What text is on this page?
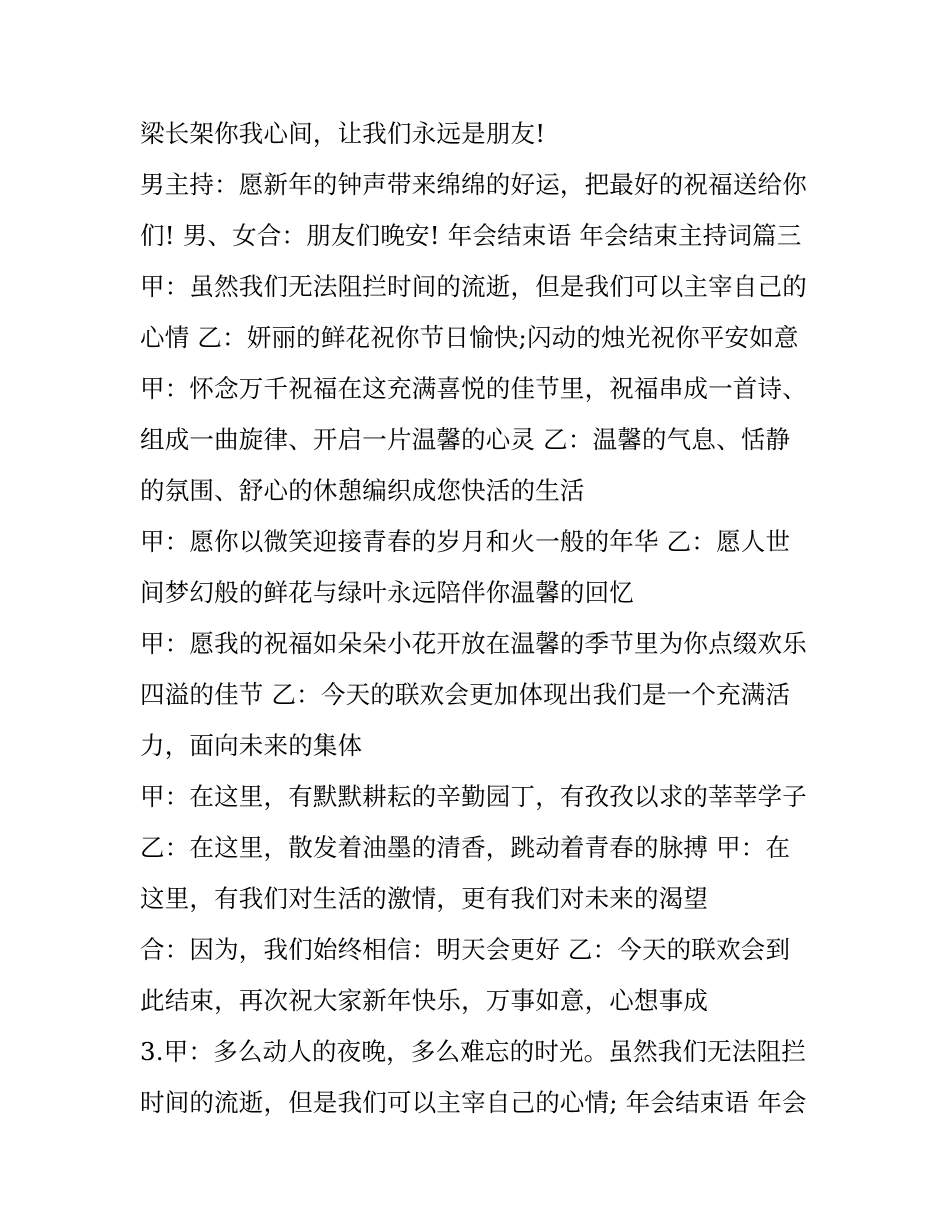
梁长架你我心间，让我们永远是朋友!
男主持：愿新年的钟声带来绵绵的好运，把最好的祝福送给你
们! 男、女合：朋友们晚安! 年会结束语 年会结束主持词篇三
甲：虽然我们无法阻拦时间的流逝，但是我们可以主宰自己的
心情 乙：妍丽的鲜花祝你节日愉快;闪动的烛光祝你平安如意
甲：怀念万千祝福在这充满喜悦的佳节里，祝福串成一首诗、
组成一曲旋律、开启一片温馨的心灵 乙：温馨的气息、恬静
的氛围、舒心的休憩编织成您快活的生活
甲：愿你以微笑迎接青春的岁月和火一般的年华 乙：愿人世
间梦幻般的鲜花与绿叶永远陪伴你温馨的回忆
甲：愿我的祝福如朵朵小花开放在温馨的季节里为你点缀欢乐
四溢的佳节 乙：今天的联欢会更加体现出我们是一个充满活
力，面向未来的集体
甲：在这里，有默默耕耘的辛勤园丁，有孜孜以求的莘莘学子
乙：在这里，散发着油墨的清香，跳动着青春的脉搏 甲：在
这里，有我们对生活的激情，更有我们对未来的渴望
合：因为，我们始终相信：明天会更好 乙：今天的联欢会到
此结束，再次祝大家新年快乐，万事如意，心想事成
3.甲：多么动人的夜晚，多么难忘的时光。虽然我们无法阻拦
时间的流逝，但是我们可以主宰自己的心情; 年会结束语 年会
